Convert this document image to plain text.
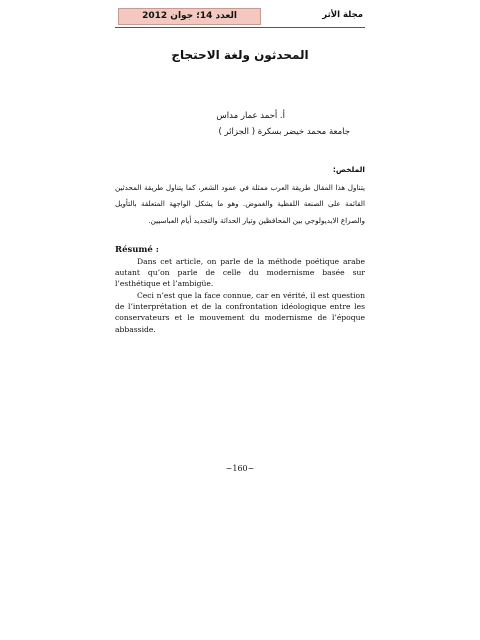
العدد 14؛ جوان 2012	مجلة الأثر
المحدثون ولغة الاحتجاج
أ. أحمد عمار مداس
جامعة محمد خيضر بسكرة ( الجزائر )
الملخص:

يتناول هذا المقال طريقة العرب ممثلة في عمود الشعر، كما يتناول طريقة المحدثين القائمة على الصنعة اللفظية والغموض. وهو ما يشكل الواجهة المتعلقة بالتأويل والصراع الايديولوجي بين المحافظين وتيار الحداثة والتجديد أيام العباسيين.

Résumé :

Dans cet article, on parle de la méthode poétique arabe autant qu’on parle de celle du modernisme basée sur l’esthétique et l’ambigüe.

Ceci n’est que la face connue, car en vérité, il est question de l’interprétation et de la confrontation idéologique entre les conservateurs et le mouvement du modernisme de l’époque abbasside.

~160~
